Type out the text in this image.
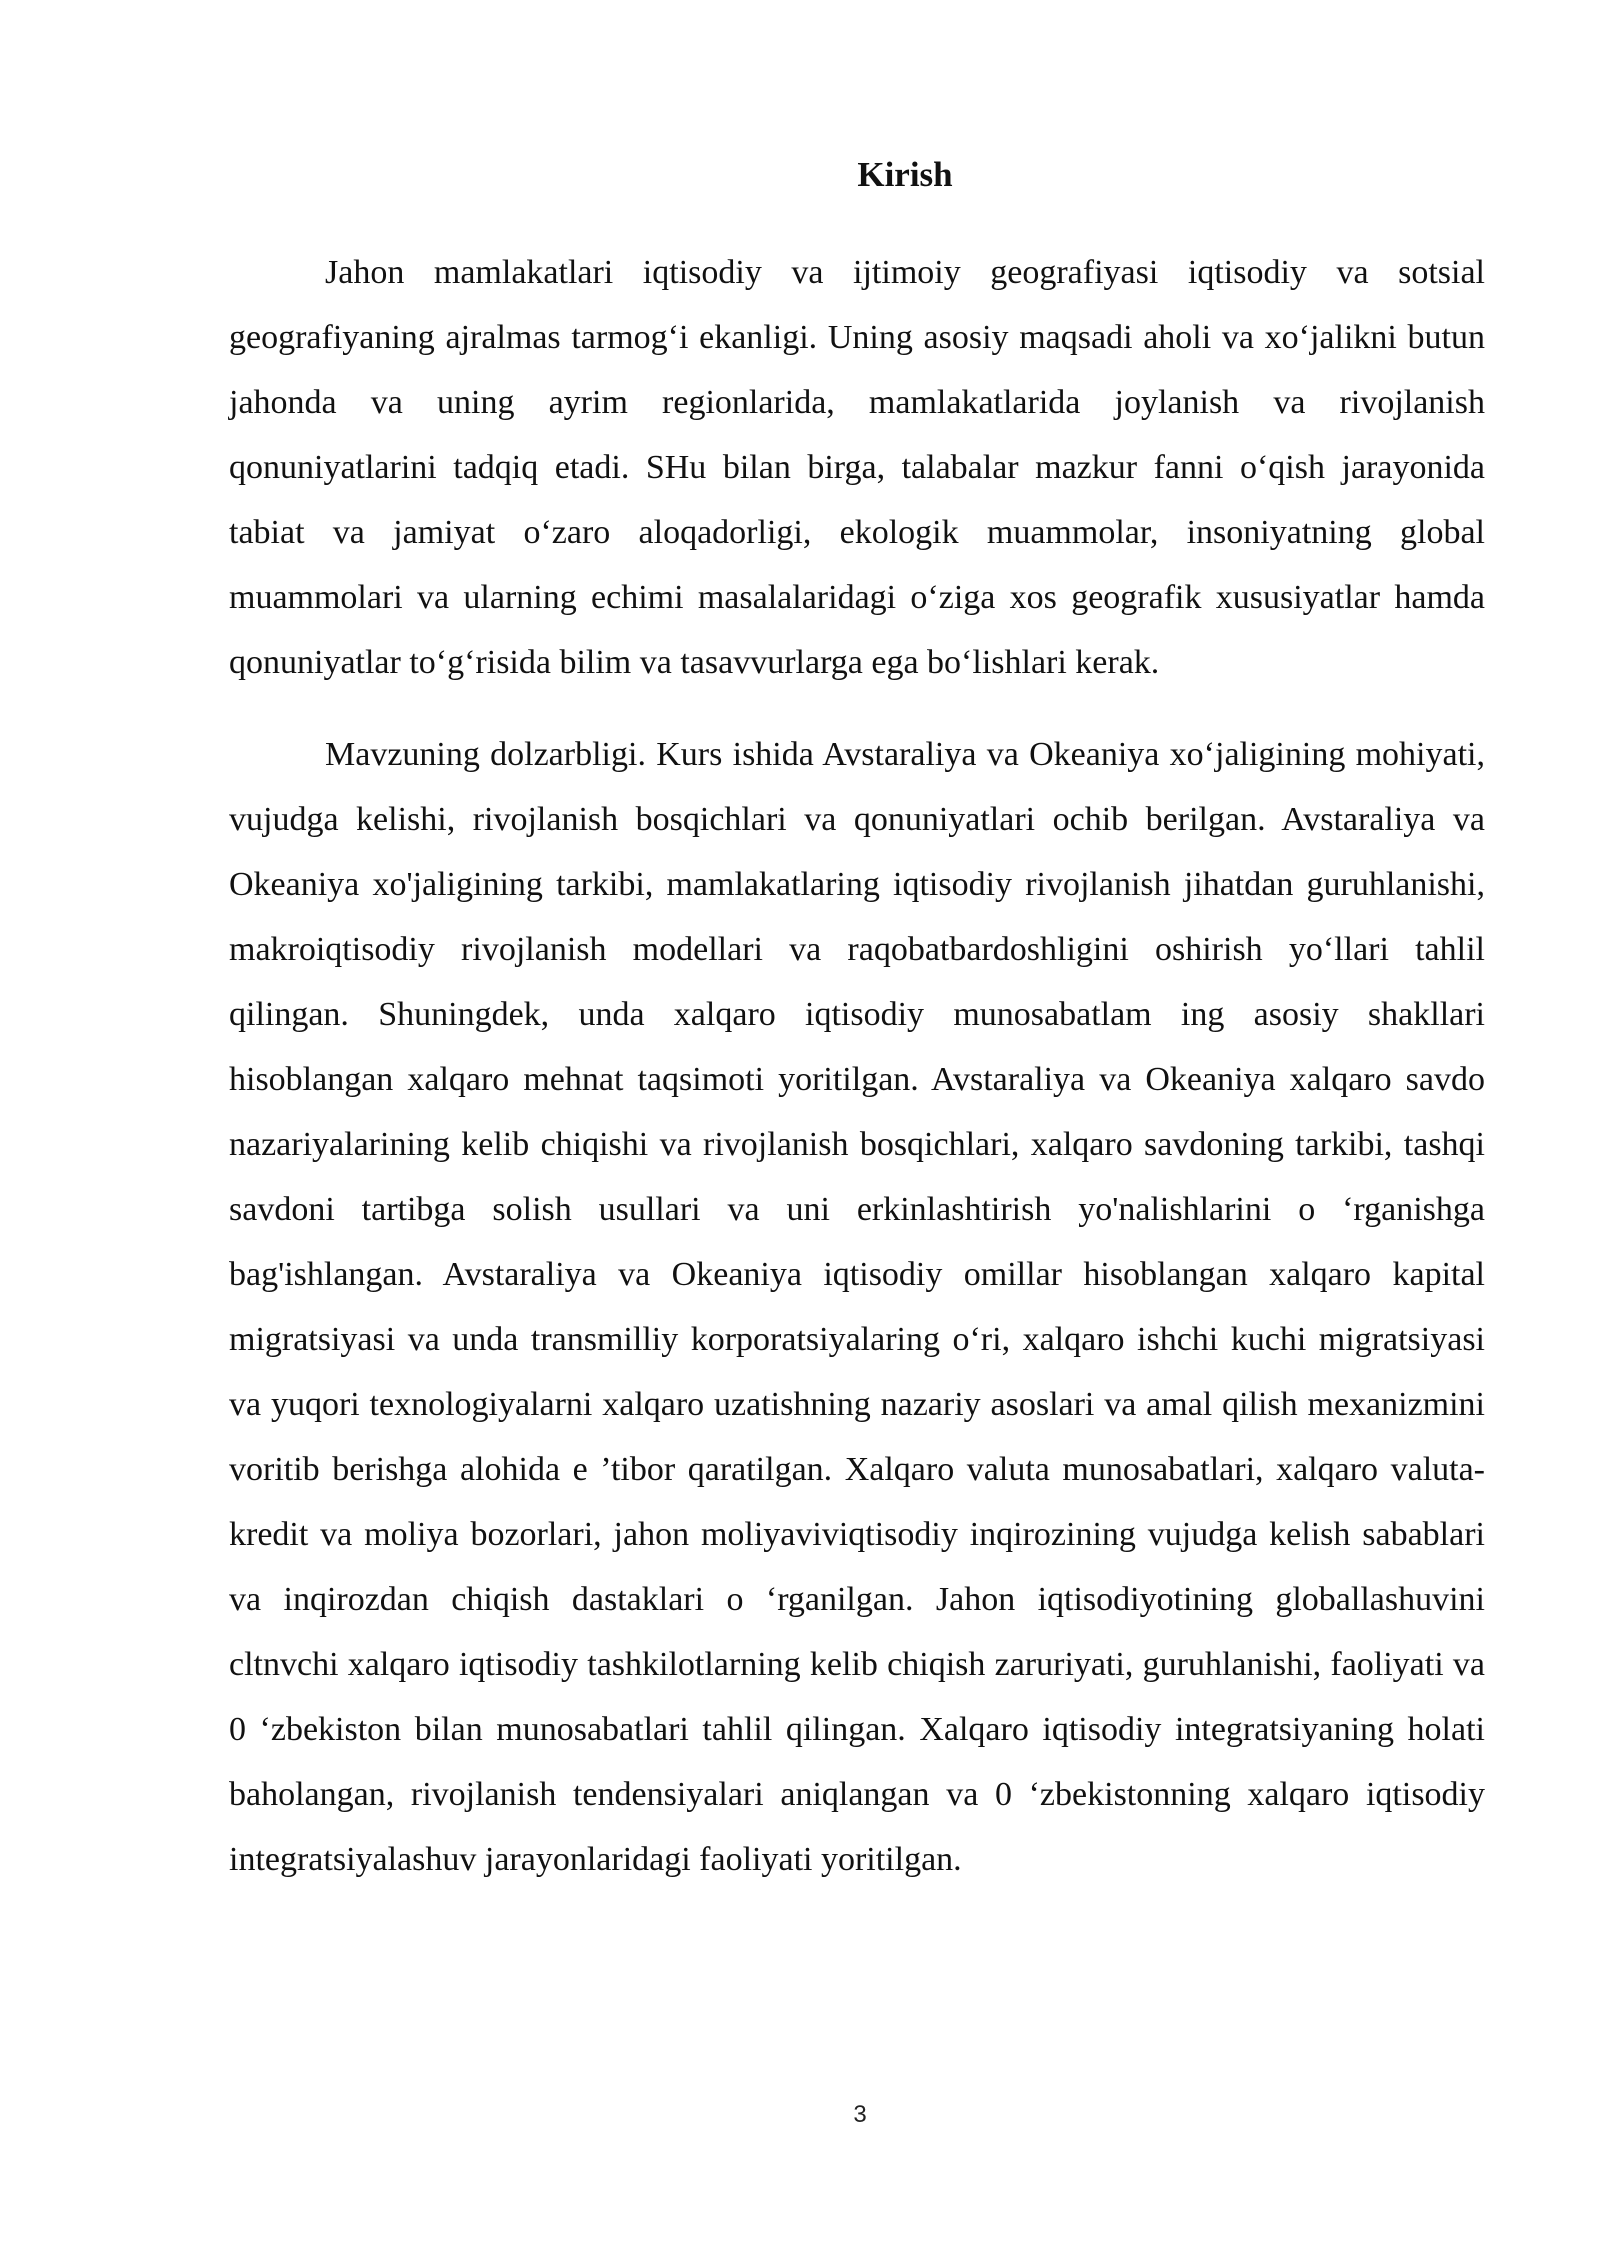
Kirish

Jahon mamlakatlari iqtisodiy va ijtimoiy geografiyasi iqtisodiy va sotsial geografiyaning ajralmas tarmog‘i ekanligi. Uning asosiy maqsadi aholi va xo‘jalikni butun jahonda va uning ayrim regionlarida, mamlakatlarida joylanish va rivojlanish qonuniyatlarini tadqiq etadi. SHu bilan birga, talabalar mazkur fanni o‘qish jarayonida tabiat va jamiyat o‘zaro aloqadorligi, ekologik muammolar, insoniyatning global muammolari va ularning echimi masalalaridagi o‘ziga xos geografik xususiyatlar hamda qonuniyatlar to‘g‘risida bilim va tasavvurlarga ega bo‘lishlari kerak.

Mavzuning dolzarbligi. Kurs ishida Avstaraliya va Okeaniya xo‘jaligining mohiyati, vujudga kelishi, rivojlanish bosqichlari va qonuniyatlari ochib berilgan. Avstaraliya va Okeaniya xo'jaligining tarkibi, mamlakatlaring iqtisodiy rivojlanish jihatdan guruhlanishi, makroiqtisodiy rivojlanish modellari va raqobatbardoshligini oshirish yo‘llari tahlil qilingan. Shuningdek, unda xalqaro iqtisodiy munosabatlam ing asosiy shakllari hisoblangan xalqaro mehnat taqsimoti yoritilgan. Avstaraliya va Okeaniya xalqaro savdo nazariyalarining kelib chiqishi va rivojlanish bosqichlari, xalqaro savdoning tarkibi, tashqi savdoni tartibga solish usullari va uni erkinlashtirish yo'nalishlarini o ‘rganishga bag'ishlangan. Avstaraliya va Okeaniya iqtisodiy omillar hisoblangan xalqaro kapital migratsiyasi va unda transmilliy korporatsiyalaring o‘ri, xalqaro ishchi kuchi migratsiyasi va yuqori texnologiyalarni xalqaro uzatishning nazariy asoslari va amal qilish mexanizmini voritib berishga alohida e ’tibor qaratilgan. Xalqaro valuta munosabatlari, xalqaro valuta-kredit va moliya bozorlari, jahon moliyaviviqtisodiy inqirozining vujudga kelish sabablari va inqirozdan chiqish dastaklari o ‘rganilgan. Jahon iqtisodiyotining globallashuvini cltnvchi xalqaro iqtisodiy tashkilotlarning kelib chiqish zaruriyati, guruhlanishi, faoliyati va 0 ‘zbekiston bilan munosabatlari tahlil qilingan. Xalqaro iqtisodiy integratsiyaning holati baholangan, rivojlanish tendensiyalari aniqlangan va 0 ‘zbekistonning xalqaro iqtisodiy integratsiyalashuv jarayonlaridagi faoliyati yoritilgan.

3
